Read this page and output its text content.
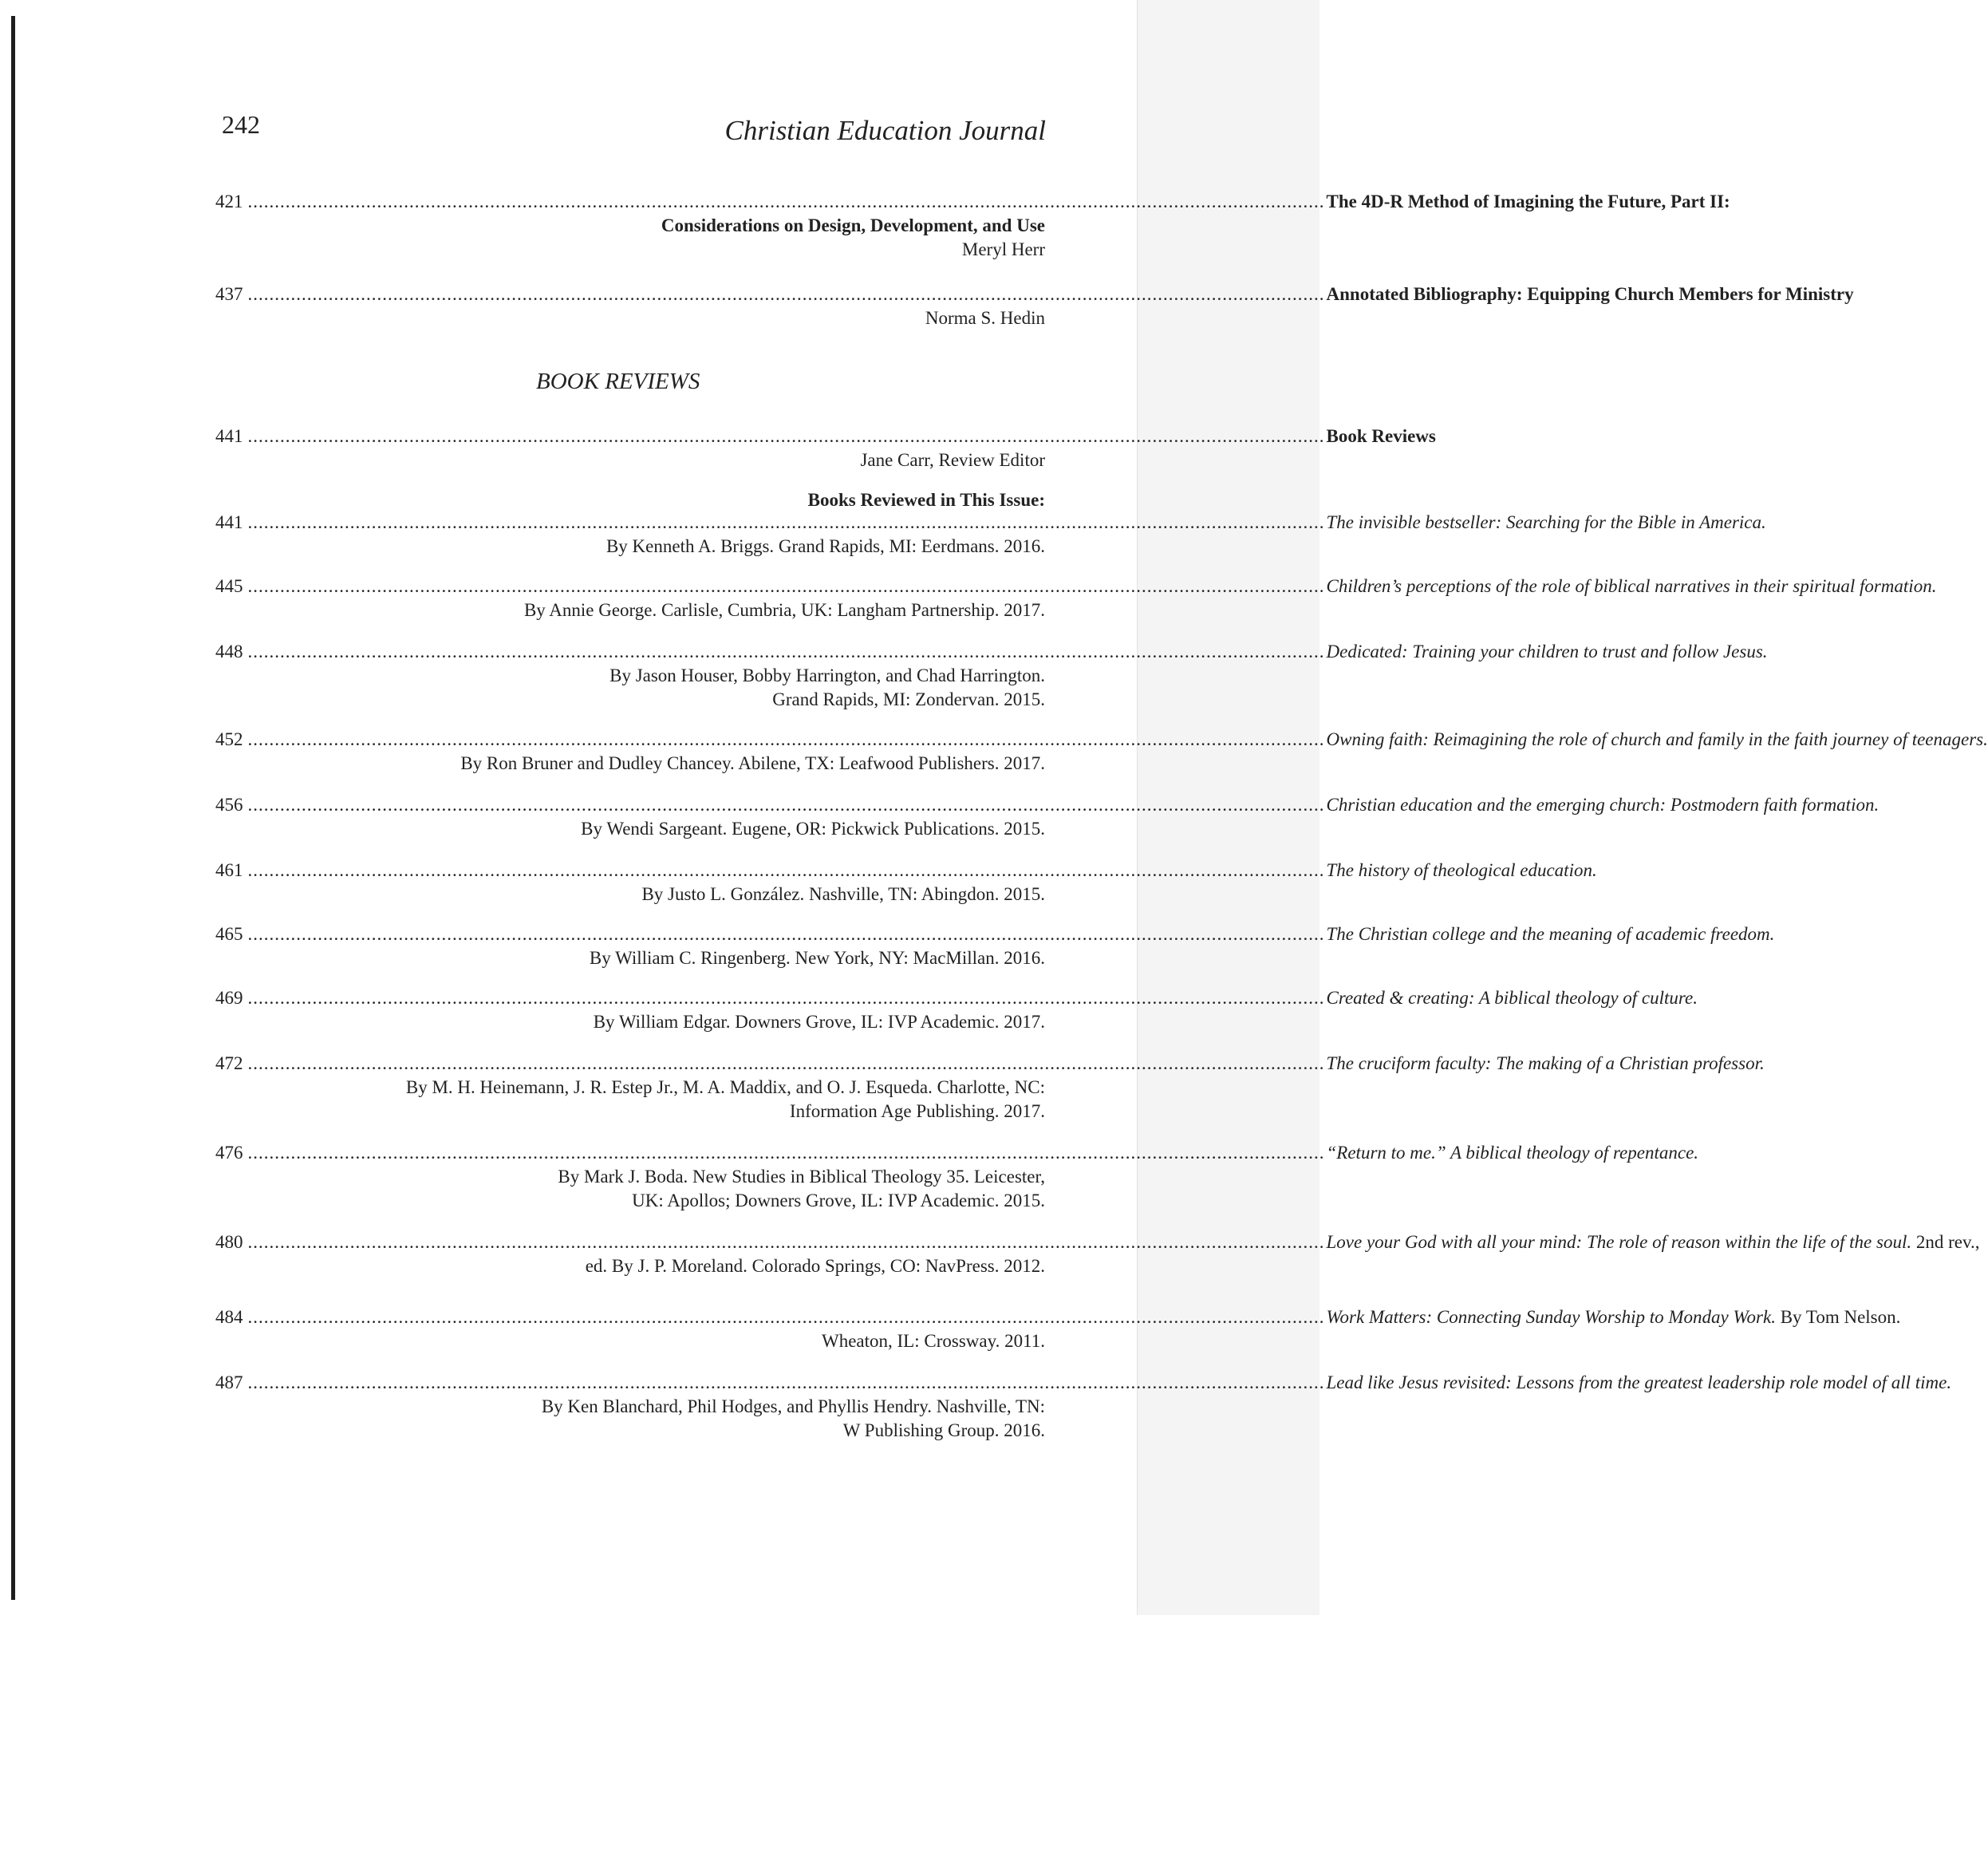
242	Christian Education Journal
421 ........................................................................................................................................................................................................ The 4D-R Method of Imagining the Future, Part II:
Considerations on Design, Development, and Use
Meryl Herr
437 ........................................................................................................................................................................................................ Annotated Bibliography: Equipping Church Members for Ministry
Norma S. Hedin
BOOK REVIEWS
441 ........................................................................................................................................................................................................ Book Reviews
Jane Carr, Review Editor
Books Reviewed in This Issue:
441 ........................................................................................................................................................................................................ The invisible bestseller: Searching for the Bible in America.
By Kenneth A. Briggs. Grand Rapids, MI: Eerdmans. 2016.
445 ........................................................................................................................................................................................................ Children’s perceptions of the role of biblical narratives in their spiritual formation.
By Annie George. Carlisle, Cumbria, UK: Langham Partnership. 2017.
448 ........................................................................................................................................................................................................ Dedicated: Training your children to trust and follow Jesus.
By Jason Houser, Bobby Harrington, and Chad Harrington.
Grand Rapids, MI: Zondervan. 2015.
452 ........................................................................................................................................................................................................ Owning faith: Reimagining the role of church and family in the faith journey of teenagers.
By Ron Bruner and Dudley Chancey. Abilene, TX: Leafwood Publishers. 2017.
456 ........................................................................................................................................................................................................ Christian education and the emerging church: Postmodern faith formation.
By Wendi Sargeant. Eugene, OR: Pickwick Publications. 2015.
461 ........................................................................................................................................................................................................ The history of theological education.
By Justo L. González. Nashville, TN: Abingdon. 2015.
465 ........................................................................................................................................................................................................ The Christian college and the meaning of academic freedom.
By William C. Ringenberg. New York, NY: MacMillan. 2016.
469 ........................................................................................................................................................................................................ Created & creating: A biblical theology of culture.
By William Edgar. Downers Grove, IL: IVP Academic. 2017.
472 ........................................................................................................................................................................................................ The cruciform faculty: The making of a Christian professor.
By M. H. Heinemann, J. R. Estep Jr., M. A. Maddix, and O. J. Esqueda. Charlotte, NC:
Information Age Publishing. 2017.
476 ........................................................................................................................................................................................................ “Return to me.” A biblical theology of repentance.
By Mark J. Boda. New Studies in Biblical Theology 35. Leicester,
UK: Apollos; Downers Grove, IL: IVP Academic. 2015.
480 ........................................................................................................................................................................................................ Love your God with all your mind: The role of reason within the life of the soul. 2nd rev.,
ed. By J. P. Moreland. Colorado Springs, CO: NavPress. 2012.
484 ........................................................................................................................................................................................................ Work Matters: Connecting Sunday Worship to Monday Work. By Tom Nelson.
Wheaton, IL: Crossway. 2011.
487 ........................................................................................................................................................................................................ Lead like Jesus revisited: Lessons from the greatest leadership role model of all time.
By Ken Blanchard, Phil Hodges, and Phyllis Hendry. Nashville, TN:
W Publishing Group. 2016.
